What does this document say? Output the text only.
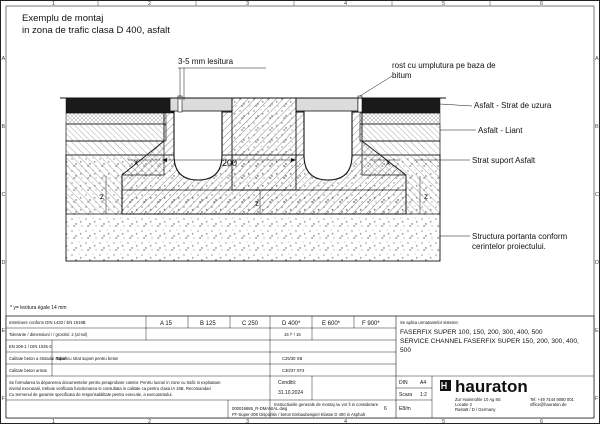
1	2	3	4	5	6
1	2	3	4	5	6
A
B
C
D
E
F
A
B
C
D
E
F
Exemplu de montaj
in zona de trafic clasa D 400, asfalt
200
x	x
z
z	z
3-5 mm lesitura	rost cu umplutura pe baza de
bitum
Asfalt - Strat de uzura
Asfalt - Liant
Strat suport Asfalt
Structura portanta conform
cerintelor proiectului.
* y= lesitura égale 14 mm
Intretinere conform DIN 1433 / EN 1918B	A 15	B 125	C 250	D 400*	E 600*	F 900*
Tolerante / dimensiuni / / grosimi: 2 (al sol)	15 /* / 15
EN 206-1 / DIN 1045-2
Calitate beton a stratului suport
Tabel cu strat suport pentru beton	C25/30 XB
Calitate beton armat	C30/37 XF3
Se formularea la depunerea documentelor pentru preaprobare cotelor. Pentru lucrari in zone cu trafic si exploatare
nivelul executarii, trebuie verificata functionarea si consultata in calitate ca pentru clasa IA 15B. Recomandari
Cu termenul de garantie specificata de responsabilitate pentru executie, a executantului.
Conditii:
31.10.2024
000016685_R-DMANIAL.dwg
Instructiunile generale de montaj nu vor fi in considerare
6
Se aplica urmatoarelor sisteme:
FASERFIX SUPER 100, 150, 200, 300, 400, 500
SERVICE CHANNEL FASERFIX SUPER 150, 200, 300, 400,
500
DIN A4
Scara 1:2
E8/m
hauraton
Zur Hainmühle 10 Ag 8S
Locatie 2
Rastatt / D / Germany
Tel: +49 7444 9080 001
office@hauraton.de
FF-Super-200 Dispozitiv / beton Einbaubeispiel Klasse D 400 in Asphalt
